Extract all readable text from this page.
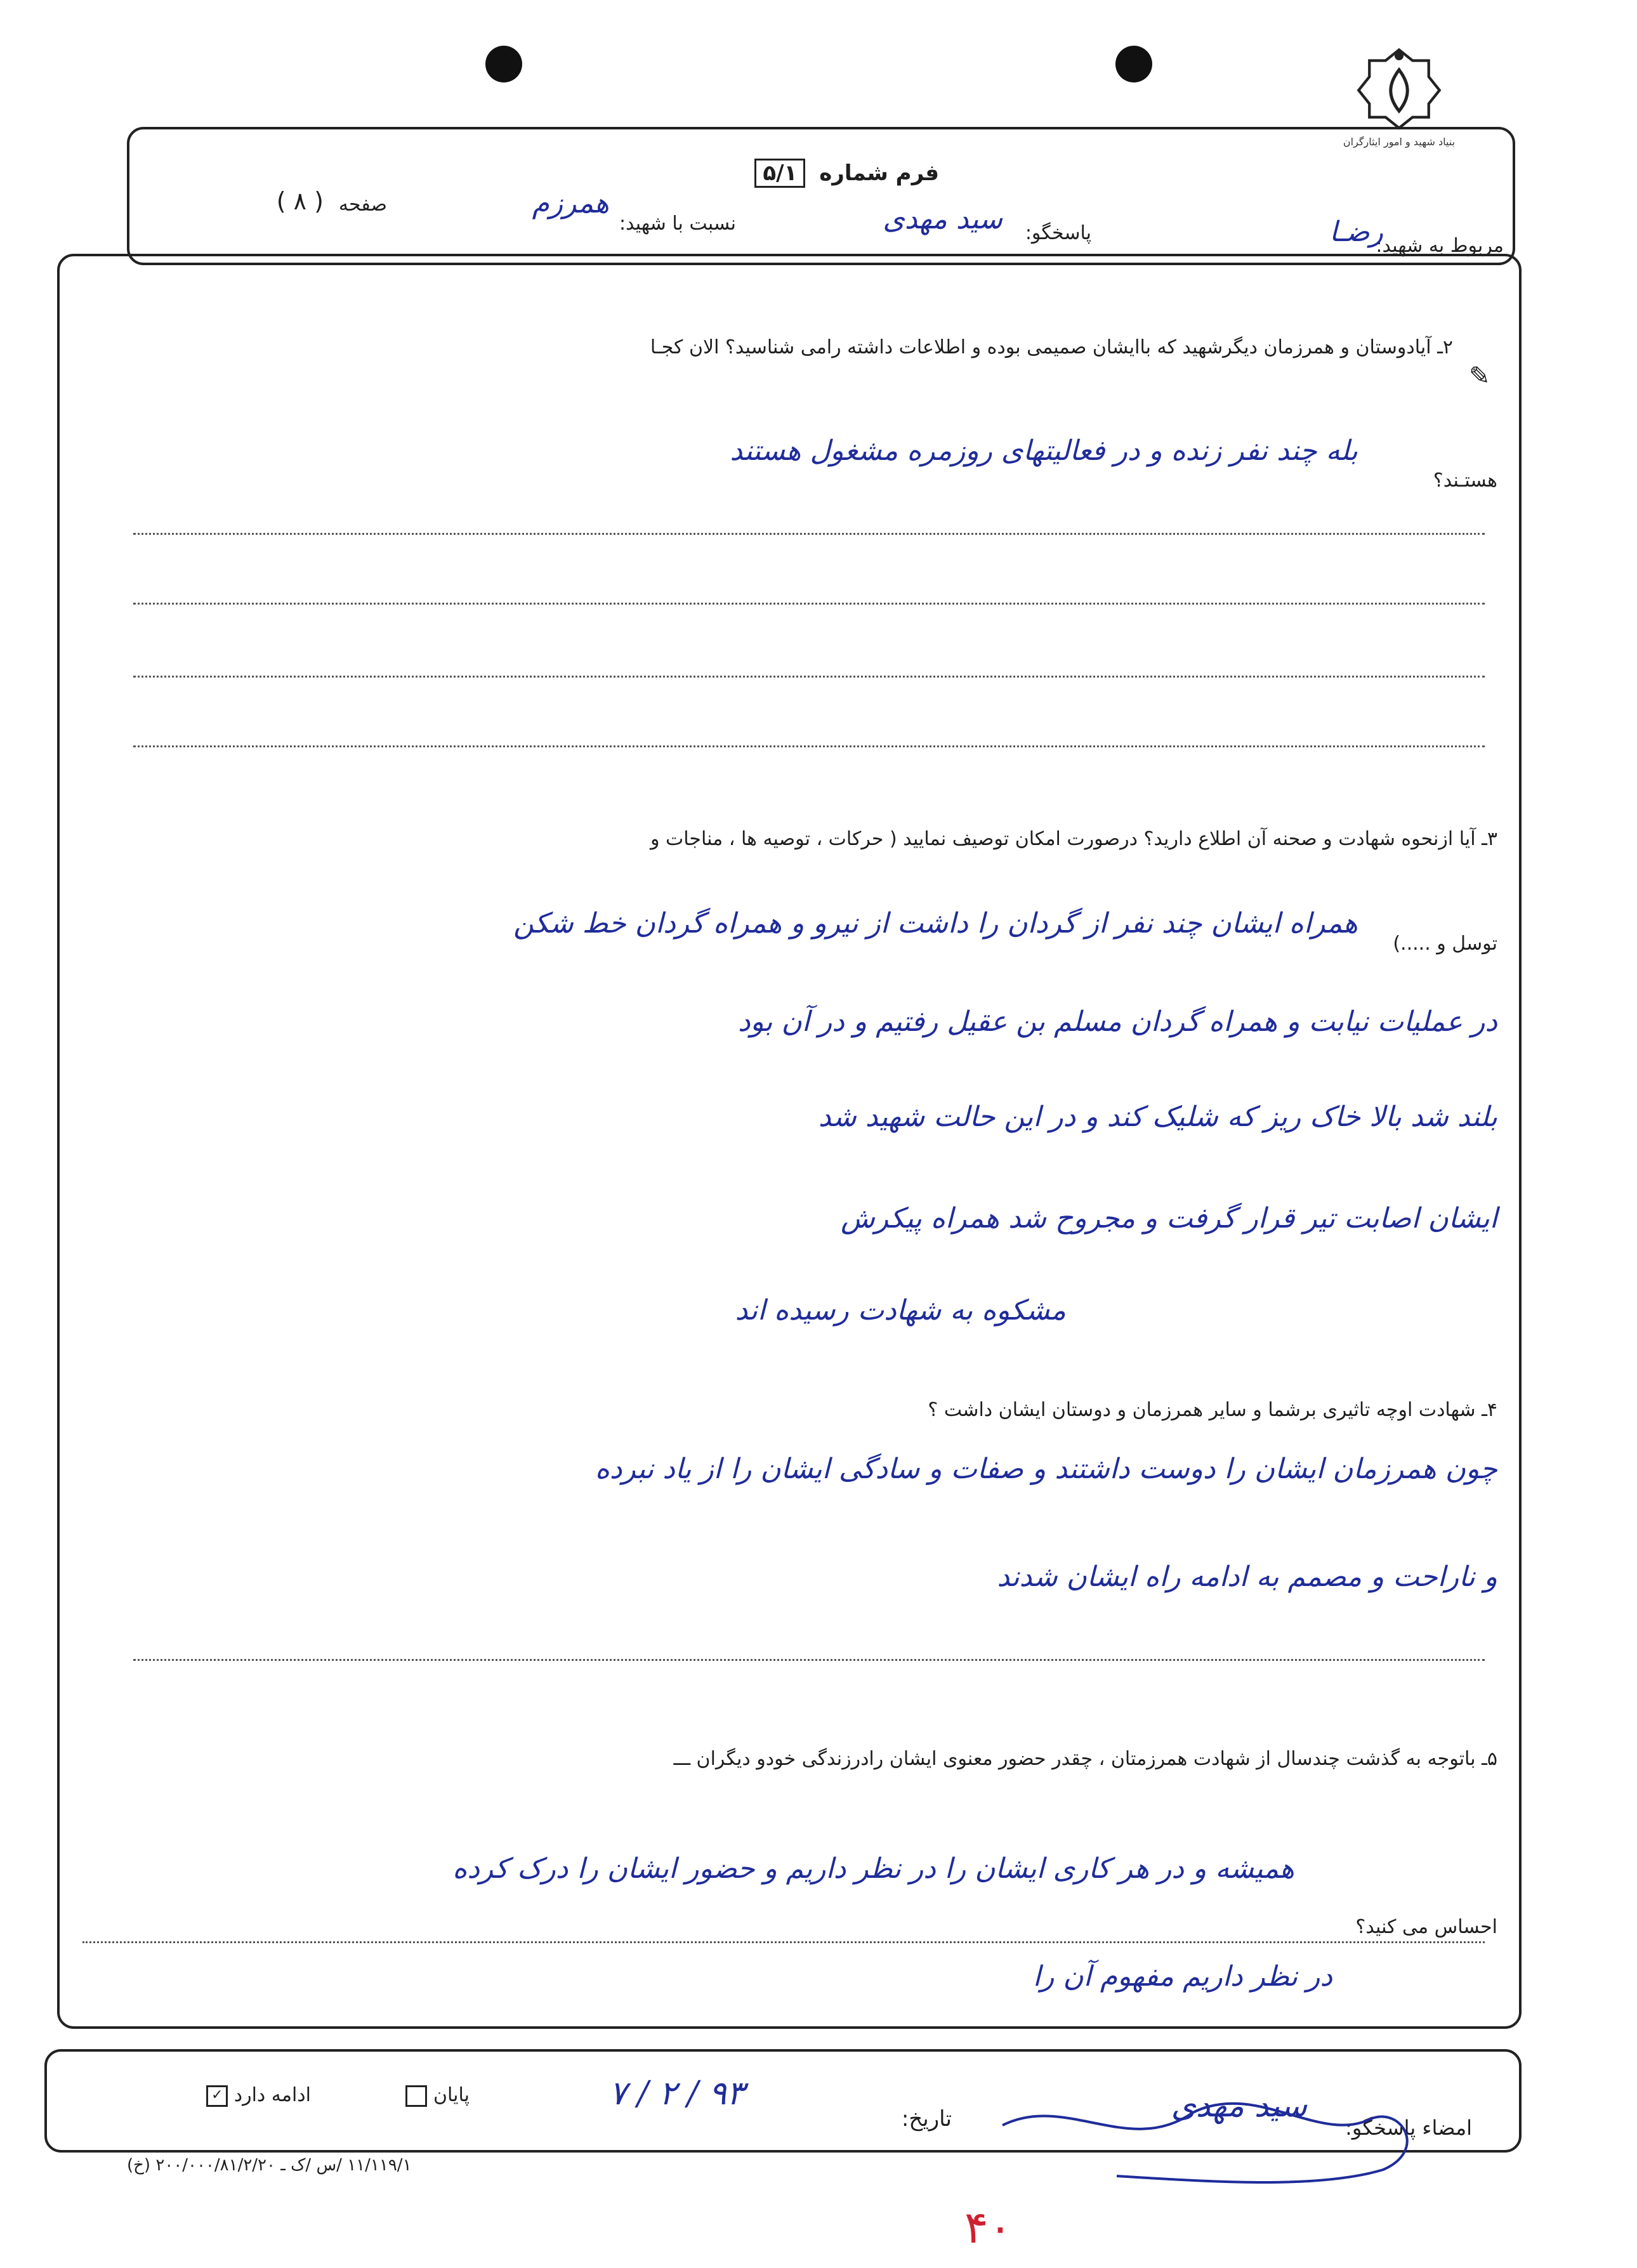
بنیاد شهید و امور ایثارگران
فرم شماره ۵/۱
مربوط به شهید:
رضـا
پاسخگو:
سید مهدی
نسبت با شهید:
همرزم
صفحه
( ۸ )
✎
۲ـ آیادوستان و همرزمان دیگرشهید که باایشان صمیمی بوده و اطلاعات داشته رامی شناسید؟ الان کجـا
هستـند؟
بله چند نفر زنده و در فعالیتهای روزمره مشغول هستند
۳ـ آیا ازنحوه شهادت و صحنه آن اطلاع دارید؟ درصورت امکان توصیف نمایید ( حرکات ، توصیه ها ، مناجات و
توسل و .....)
همراه ایشان چند نفر از گردان را داشت از نیرو و همراه گردان خط شکن
در عملیات نیابت و همراه گردان مسلم بن عقیل رفتیم و در آن بود
بلند شد بالا خاک ریز که شلیک کند و در این حالت شهید شد
ایشان اصابت تیر قرار گرفت و مجروح شد همراه پیکرش
مشکوه به شهادت رسیده اند
۴ـ شهادت اوچه تاثیری برشما و سایر همرزمان و دوستان ایشان داشت ؟
چون همرزمان ایشان را دوست داشتند و صفات و سادگی ایشان را از یاد نبرده
و ناراحت و مصمم به ادامه راه ایشان شدند
۵ـ باتوجه به گذشت چندسال از شهادت همرزمتان ، چقدر حضور معنوی ایشان رادرزندگی خودو دیگران ـــ
احساس می کنید؟
همیشه و در هر کاری ایشان را در نظر داریم و حضور ایشان را درک کرده
در نظر داریم مفهوم آن را
ادامه دارد ✓	پایان
تاریخ:
۹۳ / ۲ / ۷
امضاء پاسخگو:
سید مهدی
۱۱/۱۱۹/۱ /س /ک ـ ۲۰۰/۰۰۰/۸۱/۲/۲۰ (خ)
۴۰
